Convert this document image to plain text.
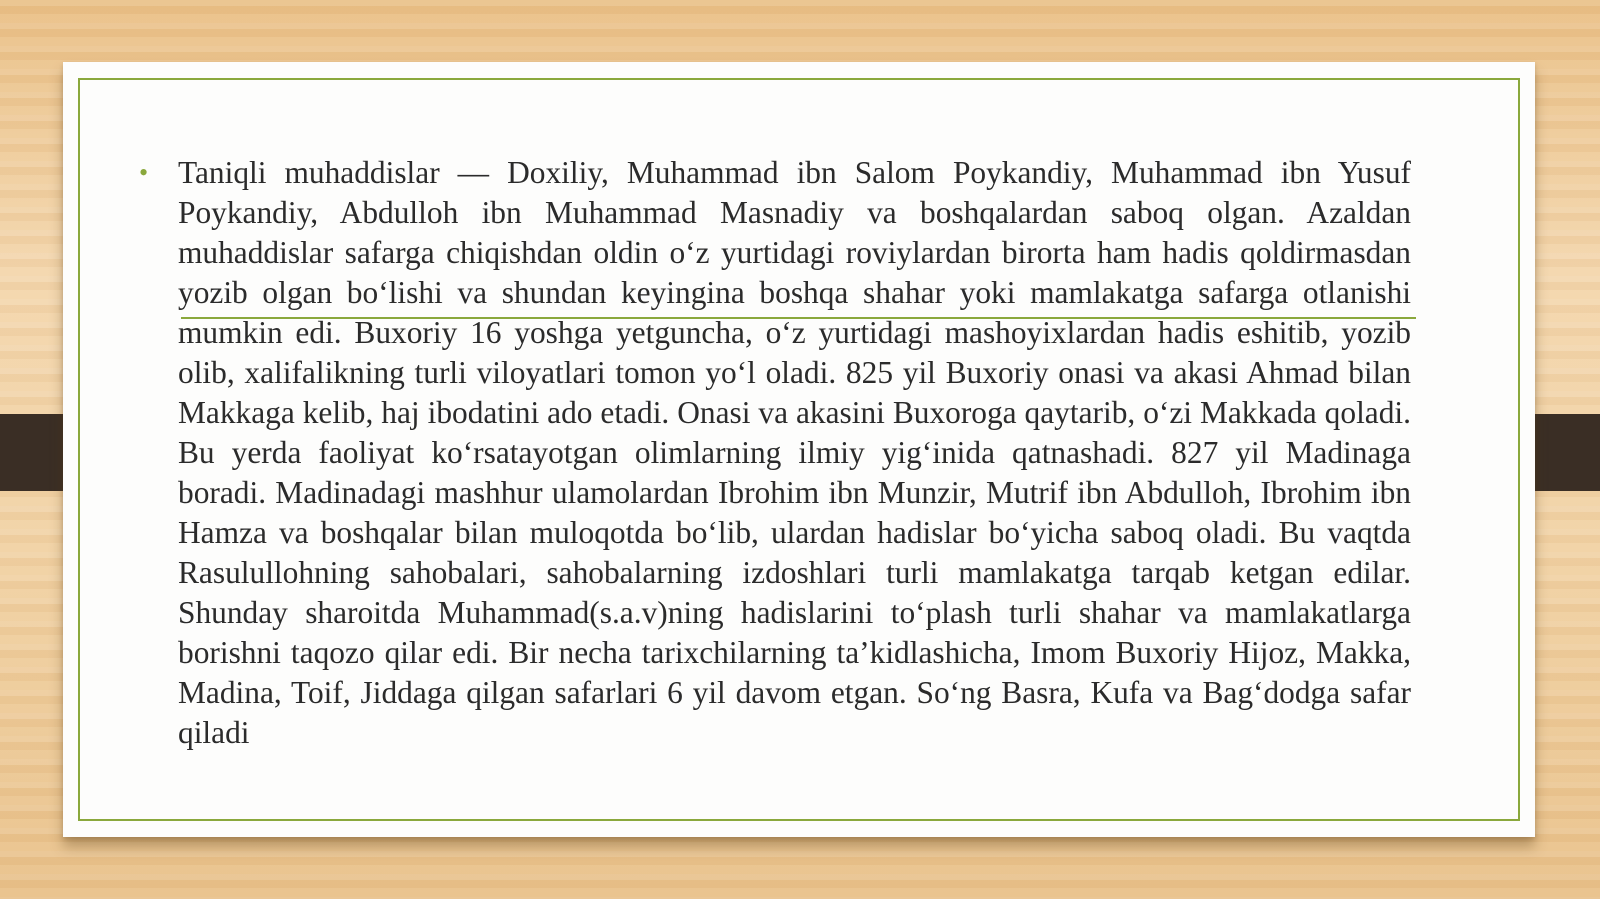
• Taniqli muhaddislar — Doxiliy, Muhammad ibn Salom Poykandiy, Muhammad ibn Yusuf Poykandiy, Abdulloh ibn Muhammad Masnadiy va boshqalardan saboq olgan. Azaldan muhaddislar safarga chiqishdan oldin o‘z yurtidagi roviylardan birorta ham hadis qoldirmasdan yozib olgan bo‘lishi va shundan keyingina boshqa shahar yoki mamlakatga safarga otlanishi mumkin edi. Buxoriy 16 yoshga yetguncha, o‘z yurtidagi mashoyixlardan hadis eshitib, yozib olib, xalifalikning turli viloyatlari tomon yo‘l oladi. 825 yil Buxoriy onasi va akasi Ahmad bilan Makkaga kelib, haj ibodatini ado etadi. Onasi va akasini Buxoroga qaytarib, o‘zi Makkada qoladi. Bu yerda faoliyat ko‘rsatayotgan olimlarning ilmiy yig‘inida qatnashadi. 827 yil Madinaga boradi. Madinadagi mashhur ulamolardan Ibrohim ibn Munzir, Mutrif ibn Abdulloh, Ibrohim ibn Hamza va boshqalar bilan muloqotda bo‘lib, ulardan hadislar bo‘yicha saboq oladi. Bu vaqtda Rasulullohning sahobalari, sahobalarning izdoshlari turli mamlakatga tarqab ketgan edilar. Shunday sharoitda Muhammad(s.a.v)ning hadislarini to‘plash turli shahar va mamlakatlarga borishni taqozo qilar edi. Bir necha tarixchilarning ta’kidlashicha, Imom Buxoriy Hijoz, Makka, Madina, Toif, Jiddaga qilgan safarlari 6 yil davom etgan. So‘ng Basra, Kufa va Bag‘dodga safar qiladi
